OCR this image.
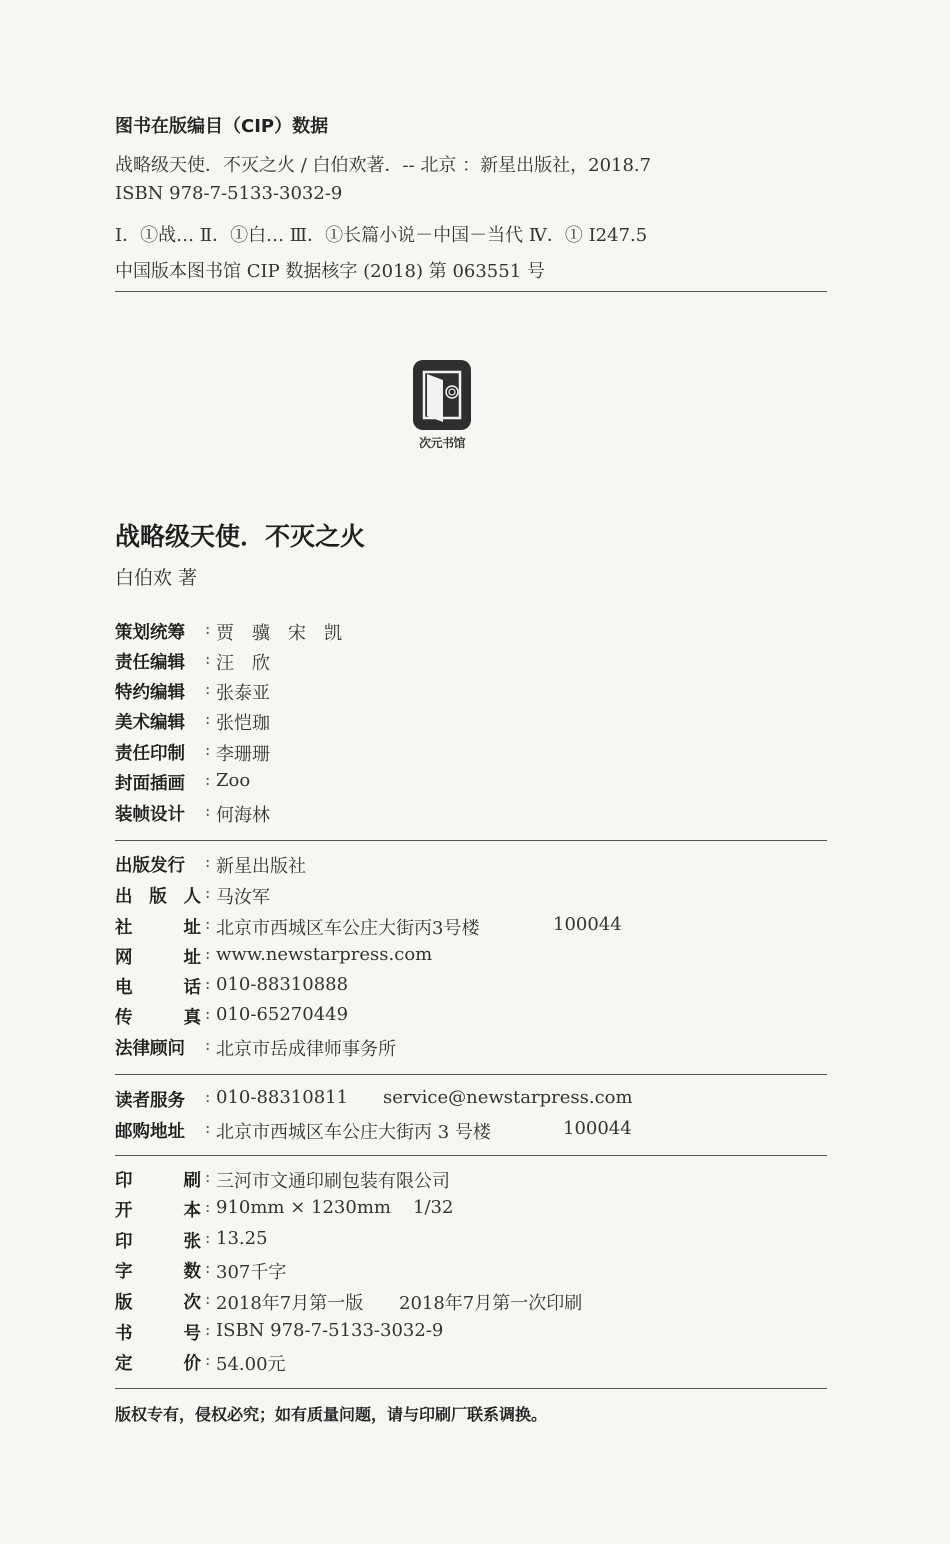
图书在版编目（CIP）数据
战略级天使．不灭之火 / 白伯欢著．-- 北京 ：新星出版社，2018.7
ISBN 978-7-5133-3032-9
Ⅰ．①战… Ⅱ．①白… Ⅲ．①长篇小说－中国－当代 Ⅳ．① I247.5
中国版本图书馆 CIP 数据核字 (2018) 第 063551 号
次元书馆
战略级天使．不灭之火
白伯欢 著
策划统筹	: 贾　骥　宋　凯
责任编辑	: 汪　欣
特约编辑	: 张泰亚
美术编辑	: 张恺珈
责任印制	: 李珊珊
封面插画	: Zoo
装帧设计	: 何海林
出版发行	: 新星出版社
出 版 人 : 马汝军
社	址 : 北京市西城区车公庄大街丙3号楼	100044
网	址 : www.newstarpress.com
电	话 : 010-88310888
传	真 : 010-65270449
法律顾问	: 北京市岳成律师事务所
读者服务	: 010-88310811 service@newstarpress.com
邮购地址	: 北京市西城区车公庄大街丙 3 号楼	100044
印	刷 : 三河市文通印刷包装有限公司
开	本 : 910mm × 1230mm 1/32
印	张 : 13.25
字	数 : 307千字
版	次 : 2018年7月第一版 2018年7月第一次印刷
书	号 : ISBN 978-7-5133-3032-9
定	价 : 54.00元
版权专有，侵权必究；如有质量问题，请与印刷厂联系调换。
